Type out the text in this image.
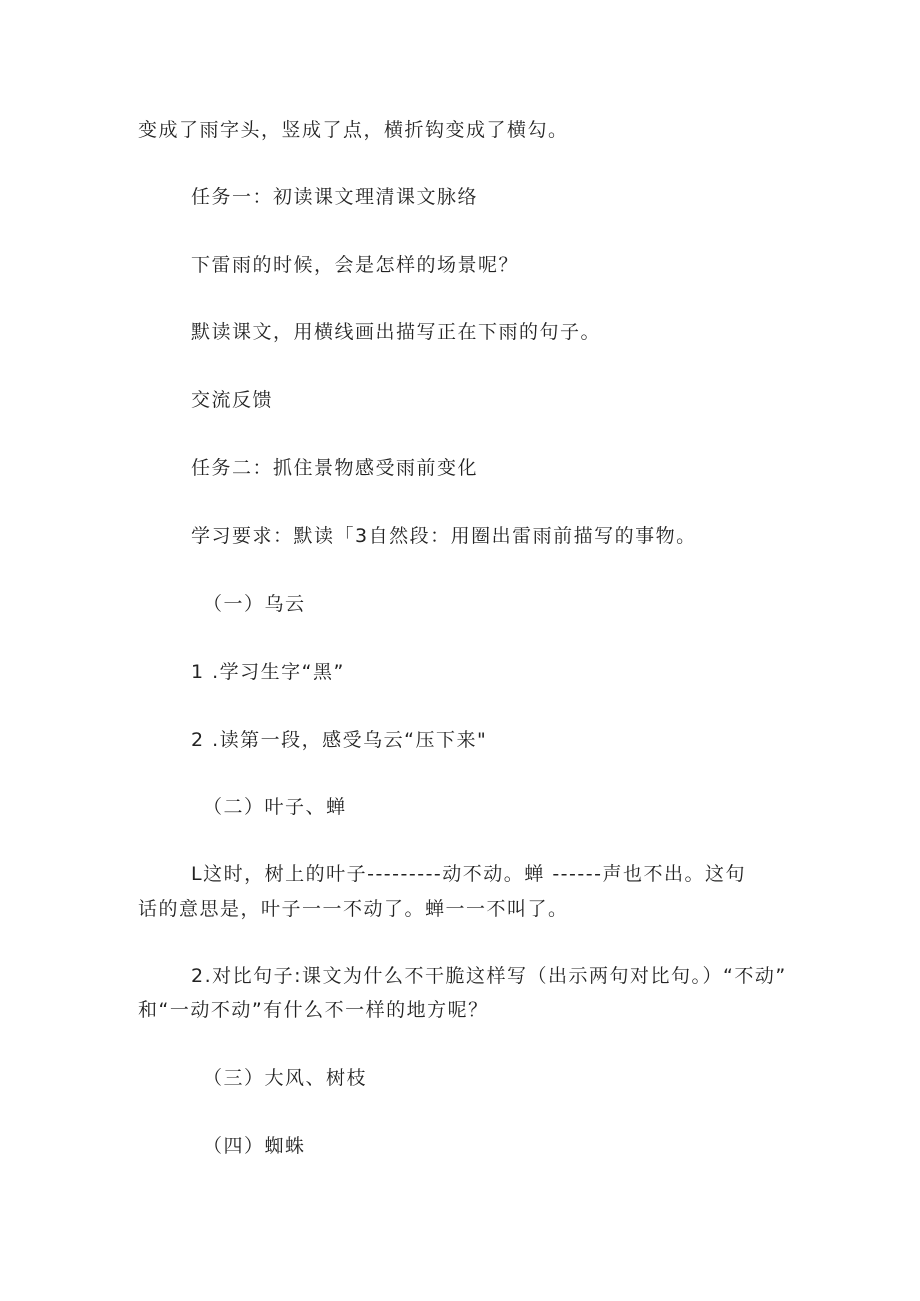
变成了雨字头，竖成了点，横折钩变成了横勾。
任务一：初读课文理清课文脉络
下雷雨的时候，会是怎样的场景呢？
默读课文，用横线画出描写正在下雨的句子。
交流反馈
任务二：抓住景物感受雨前变化
学习要求：默读「3自然段：用圈出雷雨前描写的事物。
（一）乌云
1 .学习生字“黑”
2 .读第一段，感受乌云“压下来"
（二）叶子、蝉
L这时，树上的叶子---------动不动。蝉 ------声也不出。这句
话的意思是，叶子一一不动了。蝉一一不叫了。
2.对比句子:课文为什么不干脆这样写（出示两句对比句。）“不动”
和“一动不动”有什么不一样的地方呢？
（三）大风、树枝
（四）蜘蛛
